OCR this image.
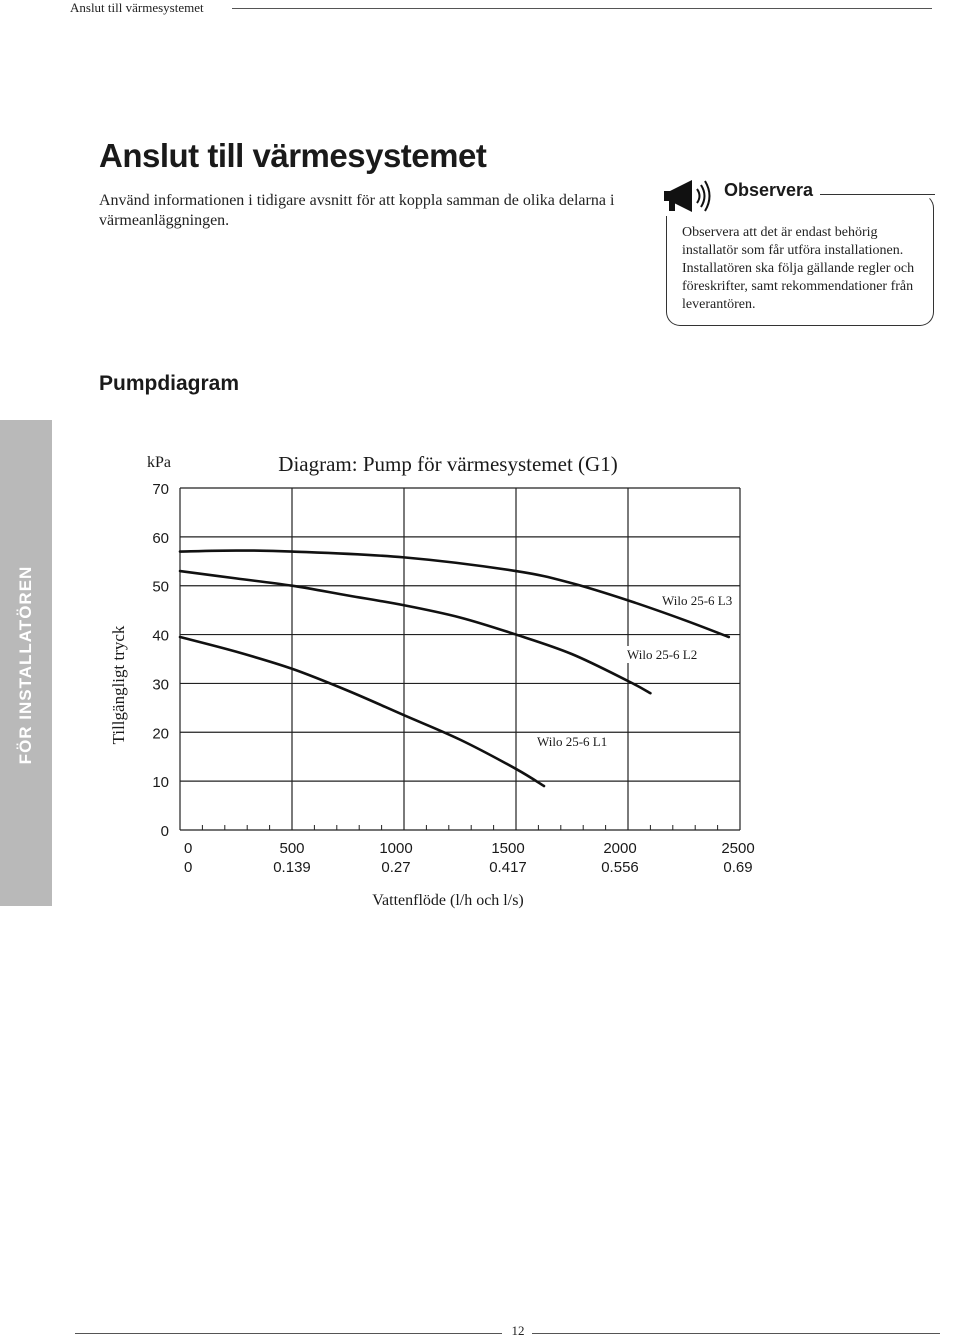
Anslut till värmesystemet
Anslut till värmesystemet

Använd informationen i tidigare avsnitt för att koppla samman de olika delarna i värmeanläggningen.

Observera

Observera att det är endast behörig installatör som får utföra installationen. Installatören ska följa gällande regler och föreskrifter, samt rekommendationer från leverantören.

Pumpdiagram
FÖR INSTALLATÖREN
0
10
20
30
40
50
60
70
0
0
500
0.139
1000
0.27
1500
0.417
2000
0.556
2500
0.69
Wilo 25-6 L1
Wilo 25-6 L2
Wilo 25-6 L3
Diagram: Pump för värmesystemet (G1)
kPa
Tillgängligt tryck
Vattenflöde (l/h och l/s)
12
